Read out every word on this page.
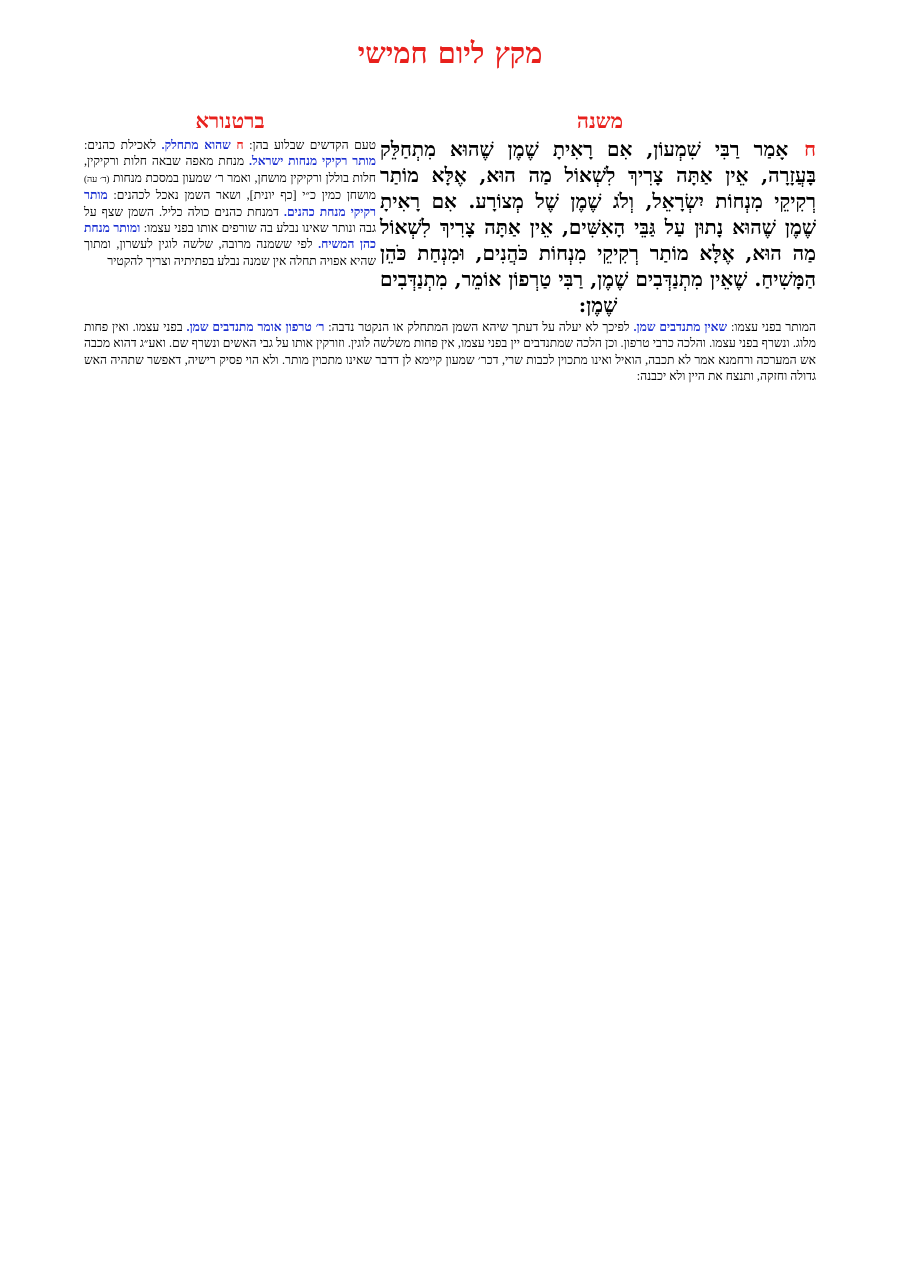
מקץ ליום חמישי
משנה
ברטנורא
חאָמַר רַבִּי שִׁמְעוֹן, אִם רָאִיתָ שֶׁמֶן שֶׁהוּא מִתְחַלֵּק בָּעֲזָרָה, אֵין אַתָּה צָרִיךְ לִשְׁאוֹל מַה הוּא, אֶלָּא מוֹתַר רְקִיקֵי מִנְחוֹת יִשְׂרָאֵל, וְלֹג שֶׁמֶן שֶׁל מְצוֹרָע. אִם רָאִיתָ שֶׁמֶן שֶׁהוּא נָתוּן עַל גַּבֵּי הָאִשִּׁים, אֵין אַתָּה צָרִיךְ לִשְׁאוֹל מַה הוּא, אֶלָּא מוֹתַר רְקִיקֵי מִנְחוֹת כֹּהֲנִים, וּמִנְחַת כֹּהֵן הַמָּשִׁיחַ. שֶׁאֵין מִתְנַדְּבִים שֶׁמֶן, רַבִּי טַרְפוֹן אוֹמֵר, מִתְנַדְּבִים שֶׁמֶן:
טעם הקדשים שבלוע בהן: ח שהוא מתחלק. לאכילת כהנים: מותר רקיקי מנחות ישראל. מנחת מאפה שבאה חלות ורקיקין, חלות בוללן ורקיקין מושחן, ואמר ר׳ שמעון במסכת מנחות (ד׳ עה) מושחן כמין כ״י [כף יונית], ושאר השמן נאכל לכהנים: מותר רקיקי מנחת כהנים. דמנחת כהנים כולה כליל. השמן שצף על גבה ונותר שאינו נבלע בה שורפים אותו בפני עצמו: ומותר מנחת כהן המשיח. לפי ששמנה מרובה, שלשה לוגין לעשרון, ומתוך שהיא אפויה תחלה אין שמנה נבלע בפתיתיה וצריך להקטיר
המותר בפני עצמו: שאין מתנדבים שמן. לפיכך לא יעלה על דעתך שיהא השמן המתחלק או הנקטר נדבה: ר׳ טרפון אומר מתנדבים שמן. בפני עצמו. ואין פחות מלוג. ונשרף בפני עצמו. והלכה כרבי טרפון. וכן הלכה שמתנדבים יין בפני עצמו, אין פחות משלשה לוגין. וזורקין אותו על גבי האשים ונשרף שם. ואע״ג דהוא מכבה אש המערכה ורחמנא אמר לא תכבה, הואיל ואינו מתכוין לכבות שרי, דכר׳ שמעון קיימא לן דדבר שאינו מתכוין מותר. ולא הוי פסיק רישיה, דאפשר שתהיה האש גדולה וחזקה, ותנצח את היין ולא יכבנה:
